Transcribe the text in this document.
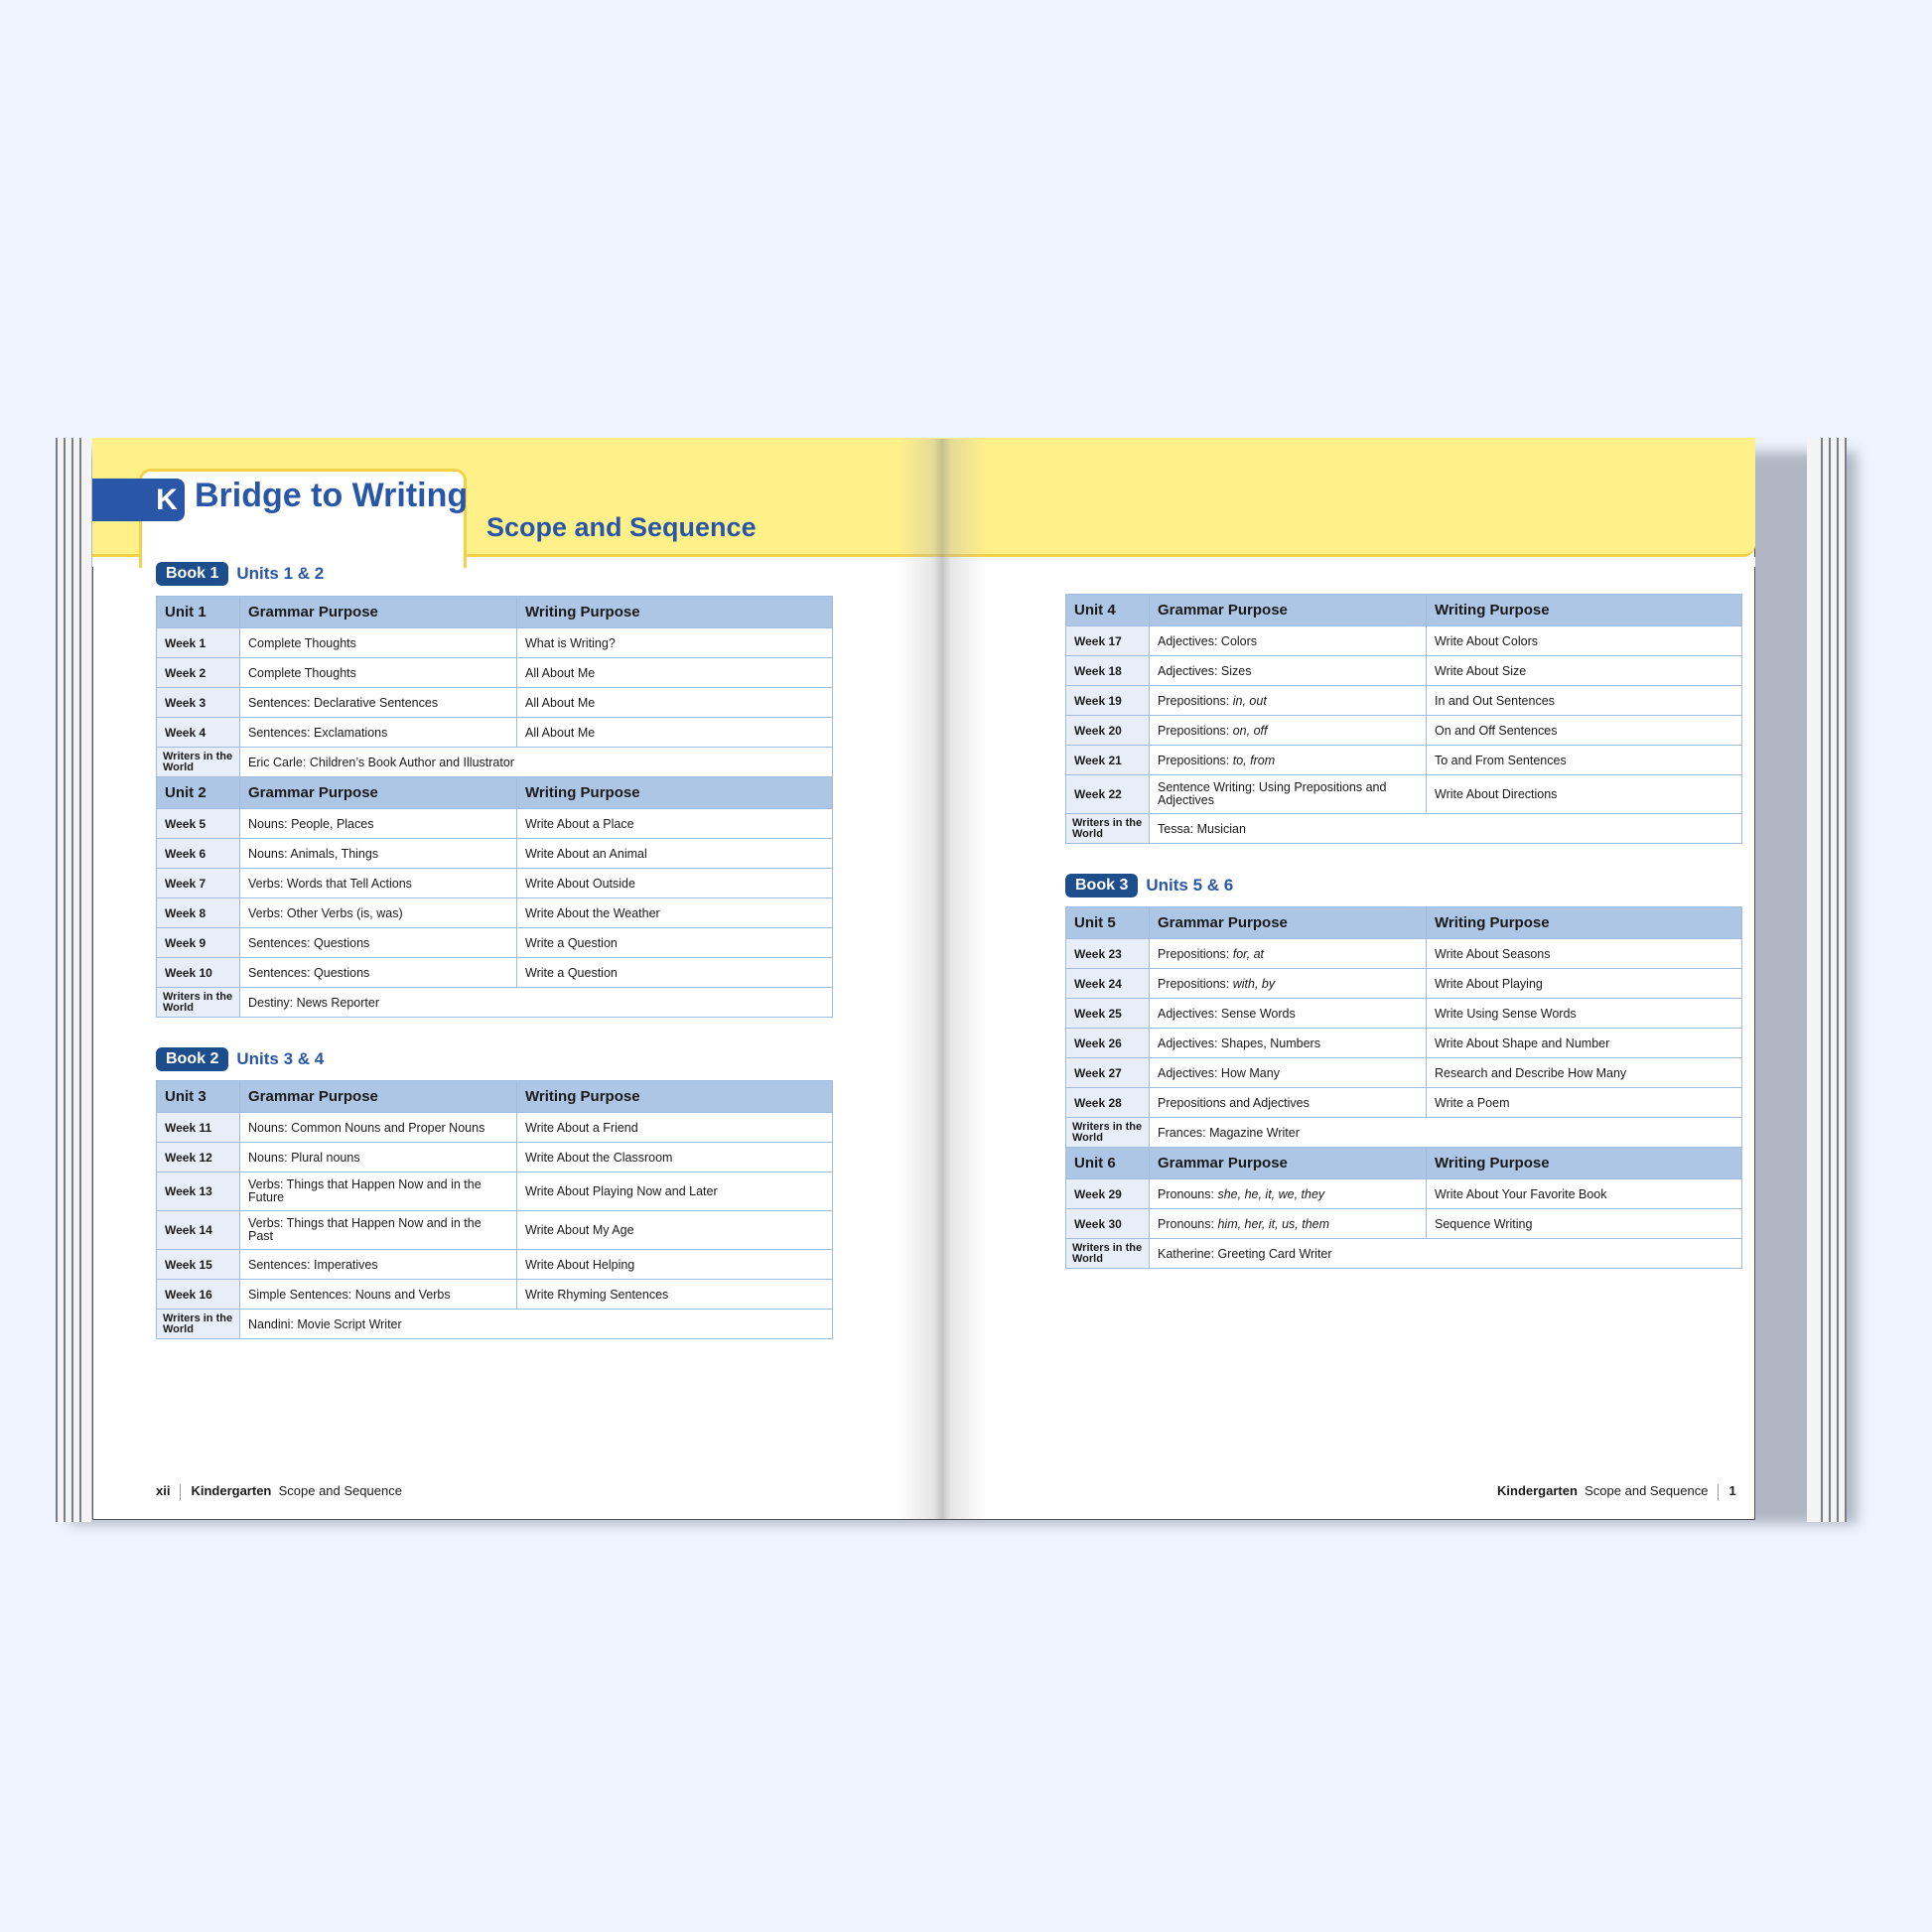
K Bridge to Writing
Scope and Sequence
Book 1	Units 1 & 2
Unit 1	Grammar Purpose	Writing Purpose
Week 1	Complete Thoughts	What is Writing?
Week 2	Complete Thoughts	All About Me
Week 3	Sentences: Declarative Sentences	All About Me
Week 4	Sentences: Exclamations	All About Me
Writers in the World	Eric Carle: Children’s Book Author and Illustrator	
Unit 2	Grammar Purpose	Writing Purpose
Week 5	Nouns: People, Places	Write About a Place
Week 6	Nouns: Animals, Things	Write About an Animal
Week 7	Verbs: Words that Tell Actions	Write About Outside
Week 8	Verbs: Other Verbs (is, was)	Write About the Weather
Week 9	Sentences: Questions	Write a Question
Week 10	Sentences: Questions	Write a Question
Writers in the World	Destiny: News Reporter	
Book 2	Units 3 & 4
Unit 3	Grammar Purpose	Writing Purpose
Week 11	Nouns: Common Nouns and Proper Nouns	Write About a Friend
Week 12	Nouns: Plural nouns	Write About the Classroom
Week 13	Verbs: Things that Happen Now and in the Future	Write About Playing Now and Later
Week 14	Verbs: Things that Happen Now and in the Past	Write About My Age
Week 15	Sentences: Imperatives	Write About Helping
Week 16	Simple Sentences: Nouns and Verbs	Write Rhyming Sentences
Writers in the World	Nandini: Movie Script Writer	
Unit 4	Grammar Purpose	Writing Purpose
Week 17	Adjectives: Colors	Write About Colors
Week 18	Adjectives: Sizes	Write About Size
Week 19	Prepositions: in, out	In and Out Sentences
Week 20	Prepositions: on, off	On and Off Sentences
Week 21	Prepositions: to, from	To and From Sentences
Week 22	Sentence Writing: Using Prepositions and Adjectives	Write About Directions
Writers in the World	Tessa: Musician	
Book 3	Units 5 & 6
Unit 5	Grammar Purpose	Writing Purpose
Week 23	Prepositions: for, at	Write About Seasons
Week 24	Prepositions: with, by	Write About Playing
Week 25	Adjectives: Sense Words	Write Using Sense Words
Week 26	Adjectives: Shapes, Numbers	Write About Shape and Number
Week 27	Adjectives: How Many	Research and Describe How Many
Week 28	Prepositions and Adjectives	Write a Poem
Writers in the World	Frances: Magazine Writer	
Unit 6	Grammar Purpose	Writing Purpose
Week 29	Pronouns: she, he, it, we, they	Write About Your Favorite Book
Week 30	Pronouns: him, her, it, us, them	Sequence Writing
Writers in the World	Katherine: Greeting Card Writer	
xii Kindergarten Scope and Sequence	Kindergarten Scope and Sequence 1
